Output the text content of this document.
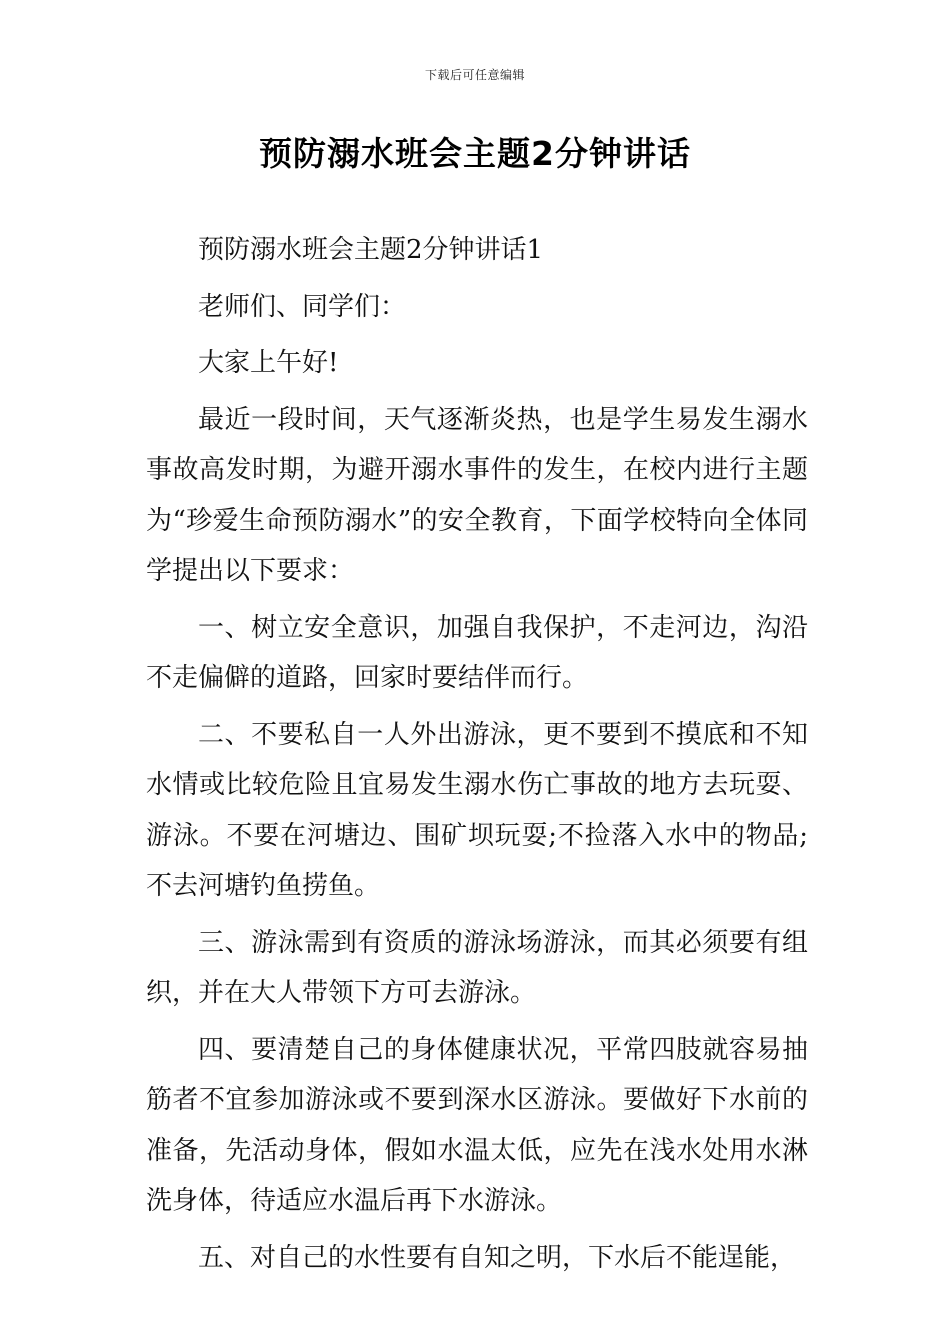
下载后可任意编辑
预防溺水班会主题2分钟讲话

预防溺水班会主题2分钟讲话1

老师们、同学们：

大家上午好!

最近一段时间，天气逐渐炎热，也是学生易发生溺水事故高发时期，为避开溺水事件的发生，在校内进行主题为“珍爱生命预防溺水”的安全教育，下面学校特向全体同学提出以下要求：

一、树立安全意识，加强自我保护，不走河边，沟沿不走偏僻的道路，回家时要结伴而行。

二、不要私自一人外出游泳，更不要到不摸底和不知水情或比较危险且宜易发生溺水伤亡事故的地方去玩耍、游泳。不要在河塘边、围矿坝玩耍;不捡落入水中的物品;不去河塘钓鱼捞鱼。

三、游泳需到有资质的游泳场游泳，而其必须要有组织，并在大人带领下方可去游泳。

四、要清楚自己的身体健康状况，平常四肢就容易抽筋者不宜参加游泳或不要到深水区游泳。要做好下水前的准备，先活动身体，假如水温太低，应先在浅水处用水淋洗身体，待适应水温后再下水游泳。

五、对自己的水性要有自知之明，下水后不能逞能，
